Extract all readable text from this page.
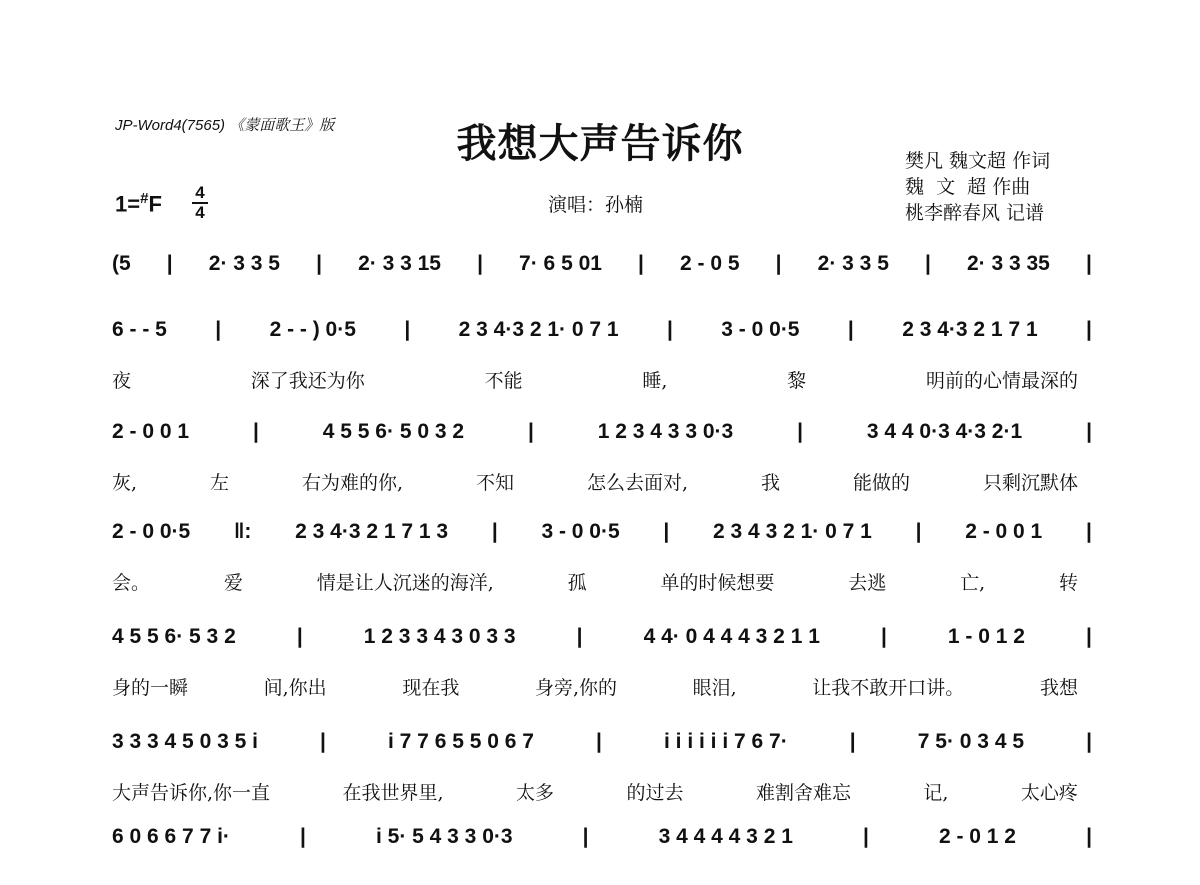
JP-Word4(7565) 《蒙面歌王》版	我想大声告诉你	樊凡 魏文超 作词
魏  文  超 作曲
桃李醉春风 记谱
1=#F	4
4	演唱：孙楠
(5 | 2· 3 3 5 | 2· 3 3 15 | 7· 6 5 01 | 2 - 0 5 | 2· 3 3 5 | 2· 3 3 35 |
6 - - 5 | 2 - - ) 0·5 | 2 3 4·3 2 1· 0 7 1 | 3 - 0 0·5 | 2 3 4·3 2 1 7 1 |
夜	深了我还为你	不能	睡,	黎	明前的心情最深的
2 - 0 0 1	|	4 5 5 6· 5 0 3 2	|	1 2 3 4 3 3 0·3	|	3 4 4 0·3 4·3 2·1	|
灰,	左	右为难的你,	不知	怎么去面对,	我	能做的	只剩沉默体
2 - 0 0·5 ‖: 2 3 4·3 2 1 7 1 3 | 3 - 0 0·5 | 2 3 4 3 2 1· 0 7 1 | 2 - 0 0 1 |
会。	爱	情是让人沉迷的海洋,	孤	单的时候想要	去逃	亡,	转
4 5 5 6· 5 3 2	|	1 2 3 3 4 3 0 3 3	|	4 4· 0 4 4 4 3 2 1 1	|	1 - 0 1 2	|
身的一瞬	间,你出	现在我	身旁,你的	眼泪,	让我不敢开口讲。	我想
3 3 3 4 5 0 3 5 i	|	i 7 7 6 5 5 0 6 7	|	i i i i i i 7 6 7·	|	7 5· 0 3 4 5	|
大声告诉你,你一直	在我世界里,	太多	的过去	难割舍难忘	记,	太心疼
6 0 6 6 7 7 i·	|	i 5· 5 4 3 3 0·3	|	3 4 4 4 4 3 2 1	|	2 - 0 1 2	|
